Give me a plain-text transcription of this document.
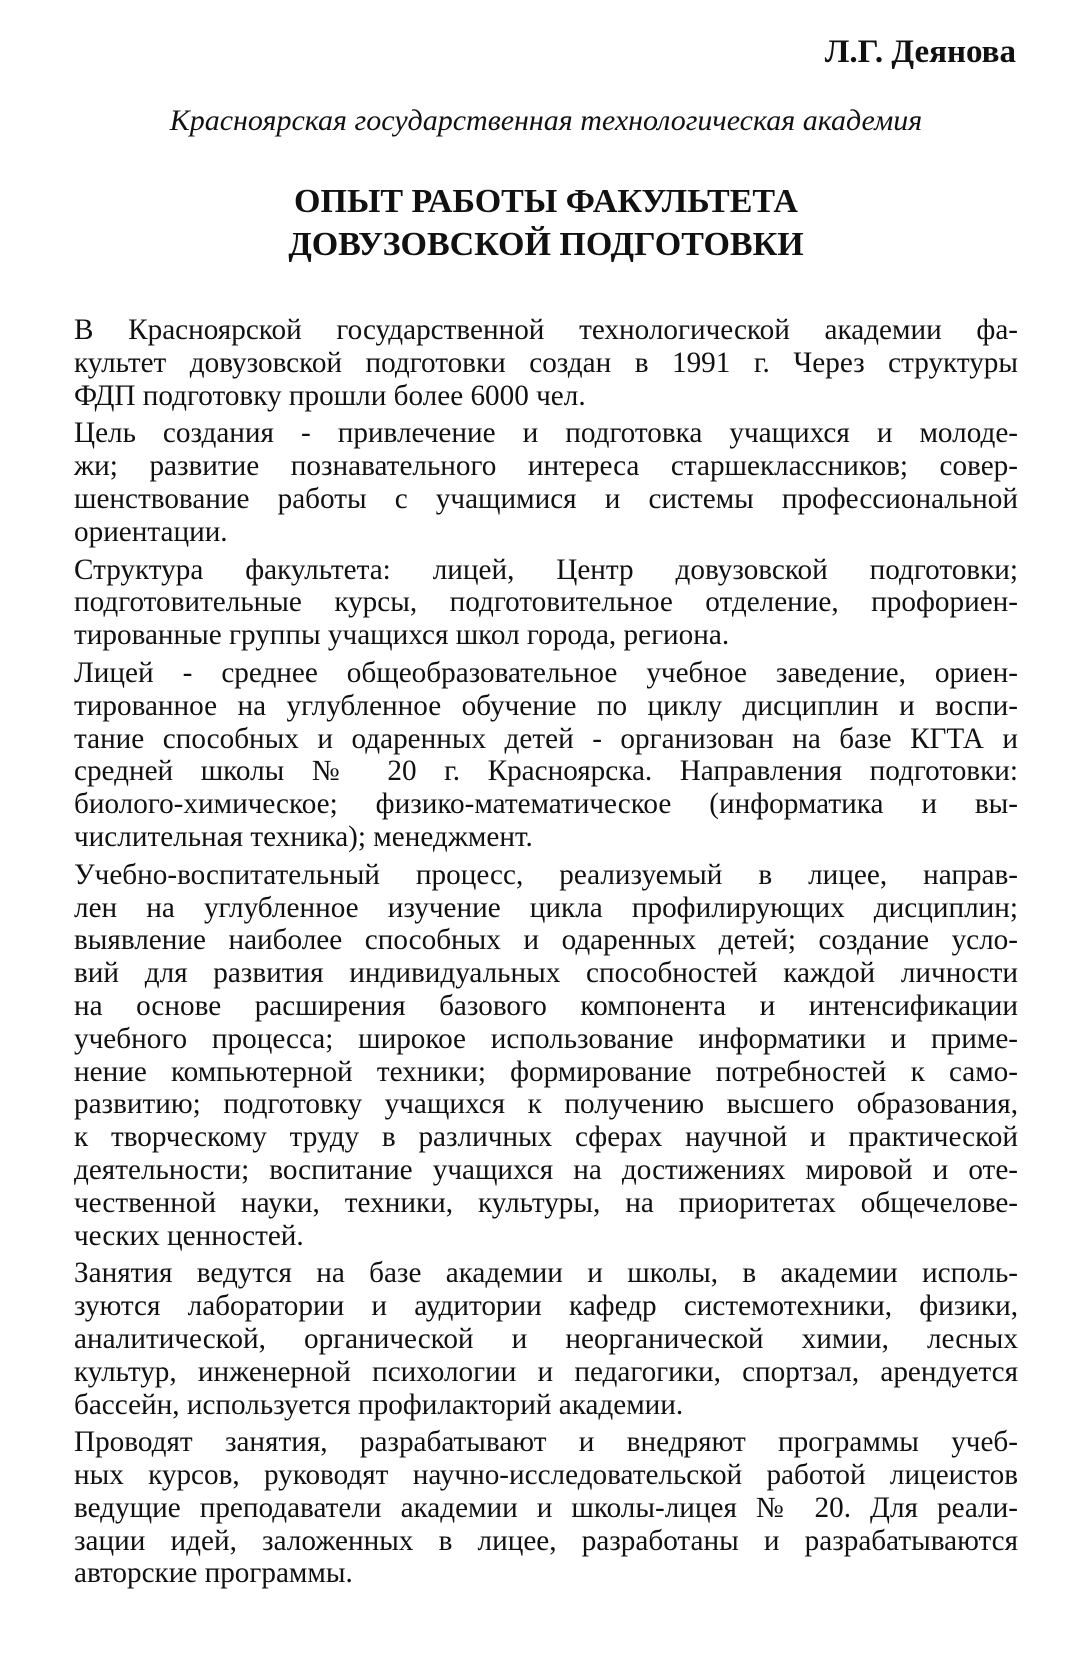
Л.Г. Деянова

Красноярская государственная технологическая академия

ОПЫТ РАБОТЫ ФАКУЛЬТЕТА
ДОВУЗОВСКОЙ ПОДГОТОВКИ
В Красноярской государственной технологической академии фа-
культет довузовской подготовки создан в 1991 г. Через структуры
ФДП подготовку прошли более 6000 чел.
Цель создания - привлечение и подготовка учащихся и молоде-
жи; развитие познавательного интереса старшеклассников; совер-
шенствование работы с учащимися и системы профессиональной
ориентации.
Структура факультета: лицей, Центр довузовской подготовки;
подготовительные курсы, подготовительное отделение, профориен-
тированные группы учащихся школ города, региона.
Лицей - среднее общеобразовательное учебное заведение, ориен-
тированное на углубленное обучение по циклу дисциплин и воспи-
тание способных и одаренных детей - организован на базе КГТА и
средней школы № 20 г. Красноярска. Направления подготовки:
биолого-химическое; физико-математическое (информатика и вы-
числительная техника); менеджмент.
Учебно-воспитательный процесс, реализуемый в лицее, направ-
лен на углубленное изучение цикла профилирующих дисциплин;
выявление наиболее способных и одаренных детей; создание усло-
вий для развития индивидуальных способностей каждой личности
на основе расширения базового компонента и интенсификации
учебного процесса; широкое использование информатики и приме-
нение компьютерной техники; формирование потребностей к само-
развитию; подготовку учащихся к получению высшего образования,
к творческому труду в различных сферах научной и практической
деятельности; воспитание учащихся на достижениях мировой и оте-
чественной науки, техники, культуры, на приоритетах общечелове-
ческих ценностей.
Занятия ведутся на базе академии и школы, в академии исполь-
зуются лаборатории и аудитории кафедр системотехники, физики,
аналитической, органической и неорганической химии, лесных
культур, инженерной психологии и педагогики, спортзал, арендуется
бассейн, используется профилакторий академии.
Проводят занятия, разрабатывают и внедряют программы учеб-
ных курсов, руководят научно-исследовательской работой лицеистов
ведущие преподаватели академии и школы-лицея № 20. Для реали-
зации идей, заложенных в лицее, разработаны и разрабатываются
авторские программы.
